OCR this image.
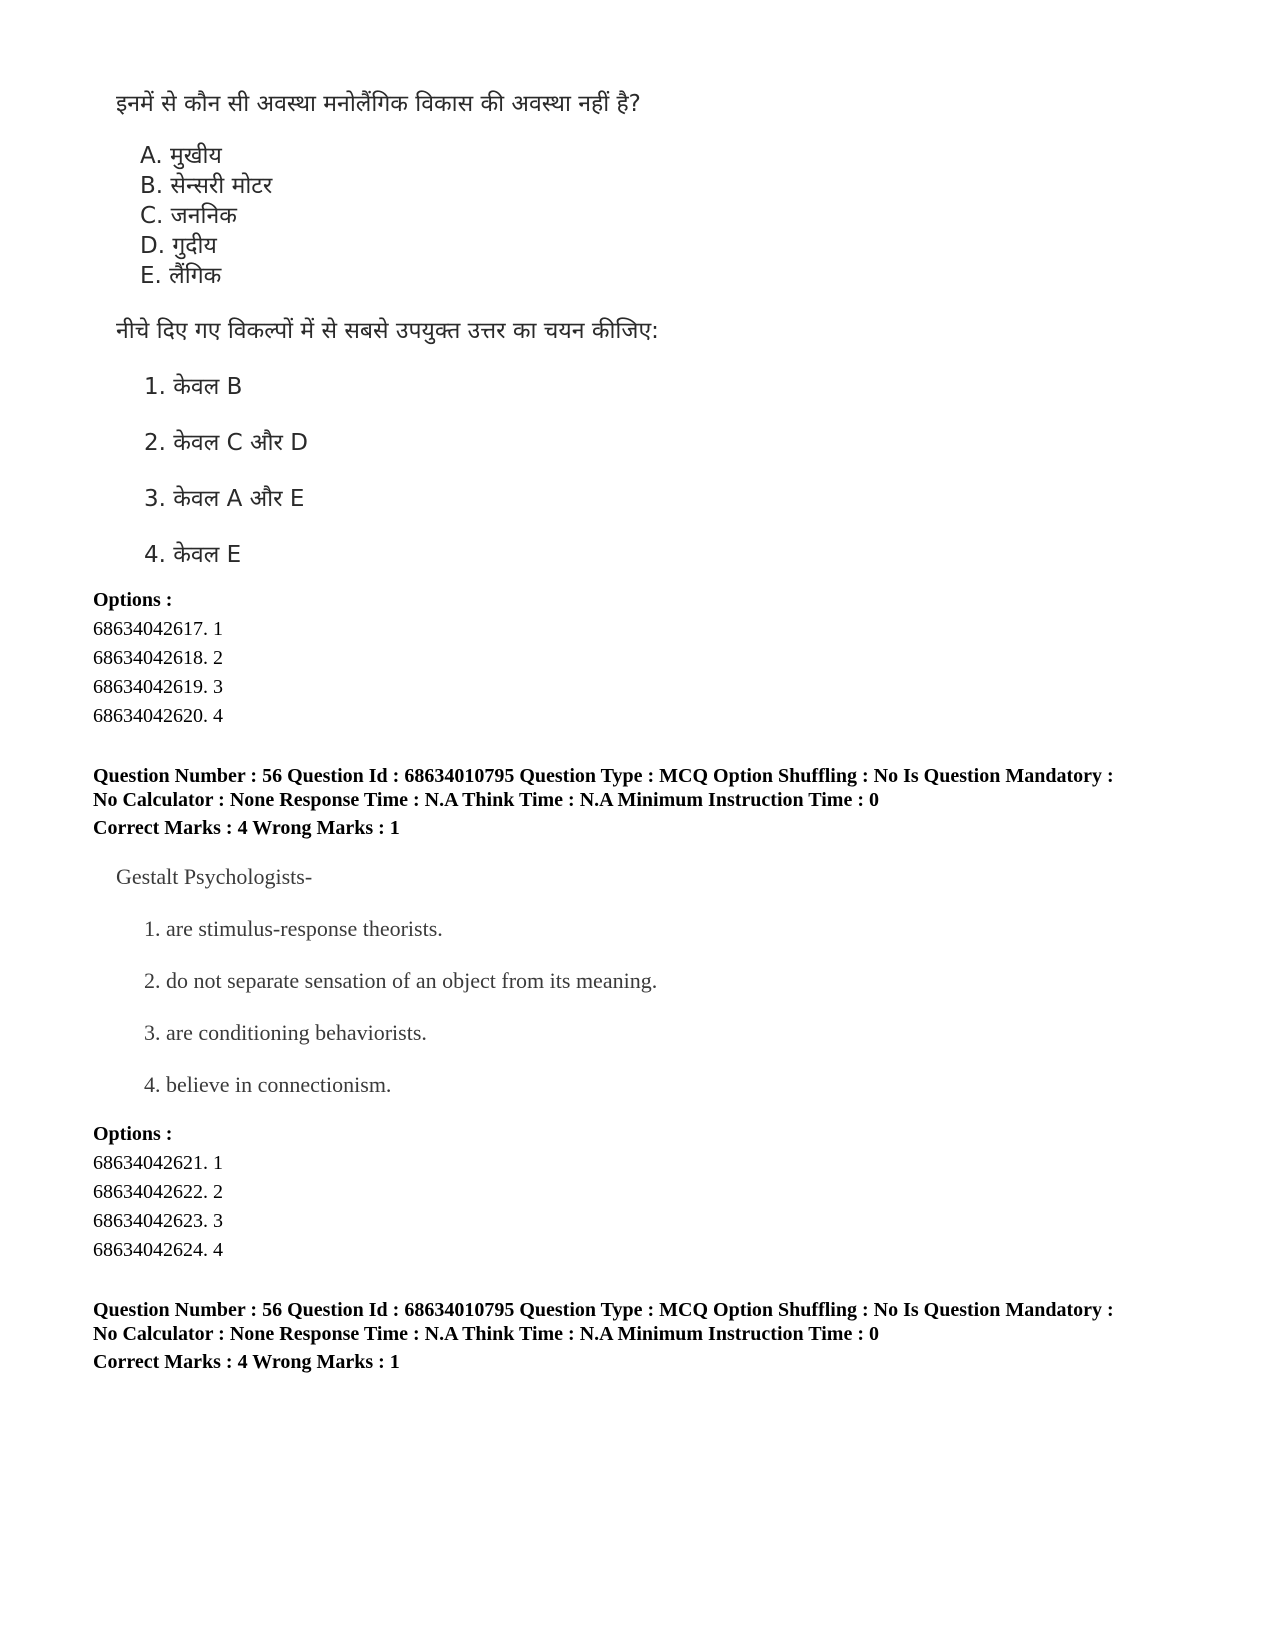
इनमें से कौन सी अवस्था मनोलैंगिक विकास की अवस्था नहीं है?
A. मुखीय
B. सेन्सरी मोटर
C. जननिक
D. गुदीय
E. लैंगिक
नीचे दिए गए विकल्पों में से सबसे उपयुक्त उत्तर का चयन कीजिए:
1. केवल B
2. केवल C और D
3. केवल A और E
4. केवल E
Options :
68634042617. 1
68634042618. 2
68634042619. 3
68634042620. 4
Question Number : 56 Question Id : 68634010795 Question Type : MCQ Option Shuffling : No Is Question Mandatory :
No Calculator : None Response Time : N.A Think Time : N.A Minimum Instruction Time : 0
Correct Marks : 4 Wrong Marks : 1
Gestalt Psychologists-
1. are stimulus-response theorists.
2. do not separate sensation of an object from its meaning.
3. are conditioning behaviorists.
4. believe in connectionism.
Options :
68634042621. 1
68634042622. 2
68634042623. 3
68634042624. 4
Question Number : 56 Question Id : 68634010795 Question Type : MCQ Option Shuffling : No Is Question Mandatory :
No Calculator : None Response Time : N.A Think Time : N.A Minimum Instruction Time : 0
Correct Marks : 4 Wrong Marks : 1
